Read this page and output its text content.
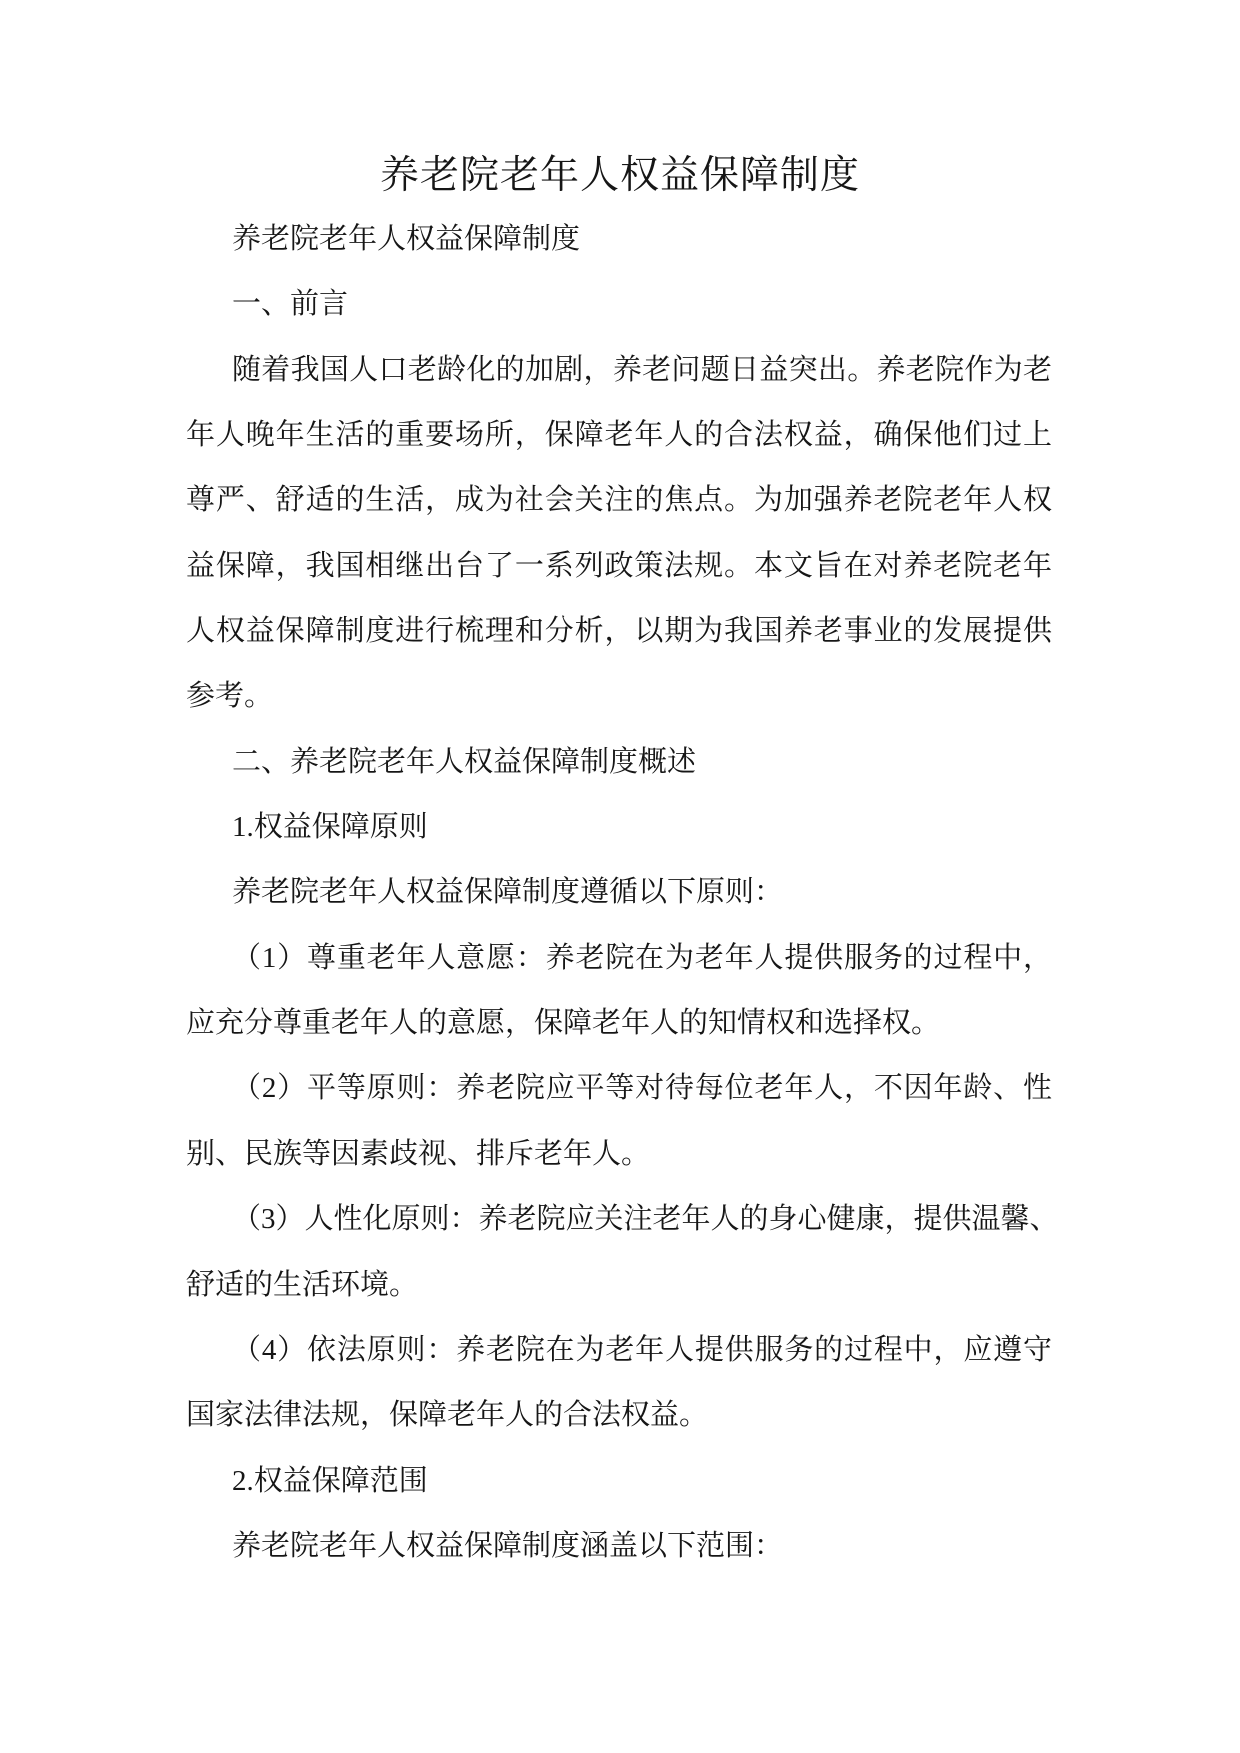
养老院老年人权益保障制度
养老院老年人权益保障制度
一、前言
随着我国人口老龄化的加剧，养老问题日益突出。养老院作为老
年人晚年生活的重要场所，保障老年人的合法权益，确保他们过上
尊严、舒适的生活，成为社会关注的焦点。为加强养老院老年人权
益保障，我国相继出台了一系列政策法规。本文旨在对养老院老年
人权益保障制度进行梳理和分析，以期为我国养老事业的发展提供
参考。
二、养老院老年人权益保障制度概述
1.权益保障原则
养老院老年人权益保障制度遵循以下原则：
（1）尊重老年人意愿：养老院在为老年人提供服务的过程中，
应充分尊重老年人的意愿，保障老年人的知情权和选择权。
（2）平等原则：养老院应平等对待每位老年人，不因年龄、性
别、民族等因素歧视、排斥老年人。
（3）人性化原则：养老院应关注老年人的身心健康，提供温馨、
舒适的生活环境。
（4）依法原则：养老院在为老年人提供服务的过程中，应遵守
国家法律法规，保障老年人的合法权益。
2.权益保障范围
养老院老年人权益保障制度涵盖以下范围：
